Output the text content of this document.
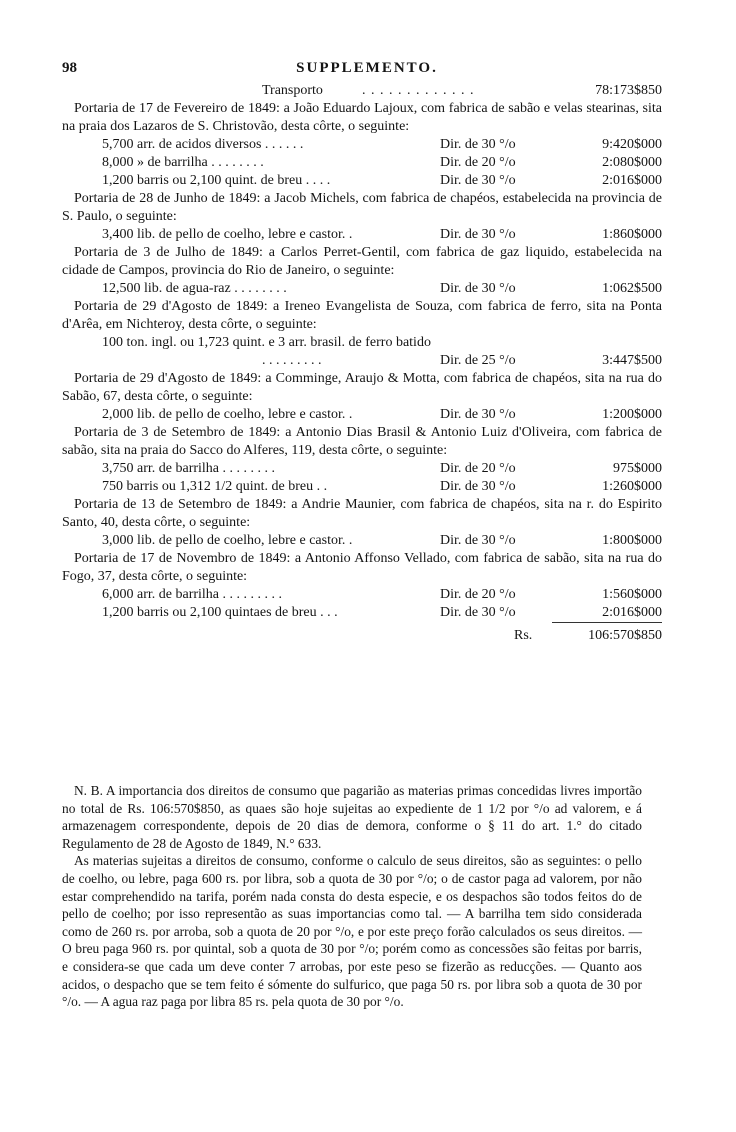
98	SUPPLEMENTO.
Transporto	. . . . . . . . . . . . .	78:173$850

Portaria de 17 de Fevereiro de 1849: a João Eduardo Lajoux, com fabrica de sabão e velas stearinas, sita na praia dos Lazaros de S. Christovão, desta côrte, o seguinte:

5,700 arr. de acidos diversos . . . . . .	Dir. de 30 °/o	9:420$000
8,000 » de barrilha . . . . . . . .	Dir. de 20 °/o	2:080$000
1,200 barris ou 2,100 quint. de breu . . . .	Dir. de 30 °/o	2:016$000

Portaria de 28 de Junho de 1849: a Jacob Michels, com fabrica de chapéos, estabelecida na provincia de S. Paulo, o seguinte:

3,400 lib. de pello de coelho, lebre e castor. .	Dir. de 30 °/o	1:860$000

Portaria de 3 de Julho de 1849: a Carlos Perret-Gentil, com fabrica de gaz liquido, estabelecida na cidade de Campos, provincia do Rio de Janeiro, o seguinte:

12,500 lib. de agua-raz . . . . . . . .	Dir. de 30 °/o	1:062$500

Portaria de 29 d'Agosto de 1849: a Ireneo Evangelista de Souza, com fabrica de ferro, sita na Ponta d'Arêa, em Nichteroy, desta côrte, o seguinte:

100 ton. ingl. ou 1,723 quint. e 3 arr. brasil. de ferro batido
. . . . . . . . .	Dir. de 25 °/o	3:447$500

Portaria de 29 d'Agosto de 1849: a Comminge, Araujo & Motta, com fabrica de chapéos, sita na rua do Sabão, 67, desta côrte, o seguinte:

2,000 lib. de pello de coelho, lebre e castor. .	Dir. de 30 °/o	1:200$000

Portaria de 3 de Setembro de 1849: a Antonio Dias Brasil & Antonio Luiz d'Oliveira, com fabrica de sabão, sita na praia do Sacco do Alferes, 119, desta côrte, o seguinte:

3,750 arr. de barrilha . . . . . . . .	Dir. de 20 °/o	975$000
750 barris ou 1,312 1/2 quint. de breu . .	Dir. de 30 °/o	1:260$000

Portaria de 13 de Setembro de 1849: a Andrie Maunier, com fabrica de chapéos, sita na r. do Espirito Santo, 40, desta côrte, o seguinte:

3,000 lib. de pello de coelho, lebre e castor. .	Dir. de 30 °/o	1:800$000

Portaria de 17 de Novembro de 1849: a Antonio Affonso Vellado, com fabrica de sabão, sita na rua do Fogo, 37, desta côrte, o seguinte:

6,000 arr. de barrilha . . . . . . . . .	Dir. de 20 °/o	1:560$000
1,200 barris ou 2,100 quintaes de breu . . .	Dir. de 30 °/o	2:016$000
Rs.	106:570$850

N. B. A importancia dos direitos de consumo que pagarião as materias primas concedidas livres importão no total de Rs. 106:570$850, as quaes são hoje sujeitas ao expediente de 1 1/2 por °/o ad valorem, e á armazenagem correspondente, depois de 20 dias de demora, conforme o § 11 do art. 1.° do citado Regulamento de 28 de Agosto de 1849, N.° 633.

As materias sujeitas a direitos de consumo, conforme o calculo de seus direitos, são as seguintes: o pello de coelho, ou lebre, paga 600 rs. por libra, sob a quota de 30 por °/o; o de castor paga ad valorem, por não estar comprehendido na tarifa, porém nada consta do desta especie, e os despachos são todos feitos do de pello de coelho; por isso representão as suas importancias como tal. — A barrilha tem sido considerada como de 260 rs. por arroba, sob a quota de 20 por °/o, e por este preço forão calculados os seus direitos. — O breu paga 960 rs. por quintal, sob a quota de 30 por °/o; porém como as concessões são feitas por barris, e considera-se que cada um deve conter 7 arrobas, por este peso se fizerão as reducções. — Quanto aos acidos, o despacho que se tem feito é sómente do sulfurico, que paga 50 rs. por libra sob a quota de 30 por °/o. — A agua raz paga por libra 85 rs. pela quota de 30 por °/o.
